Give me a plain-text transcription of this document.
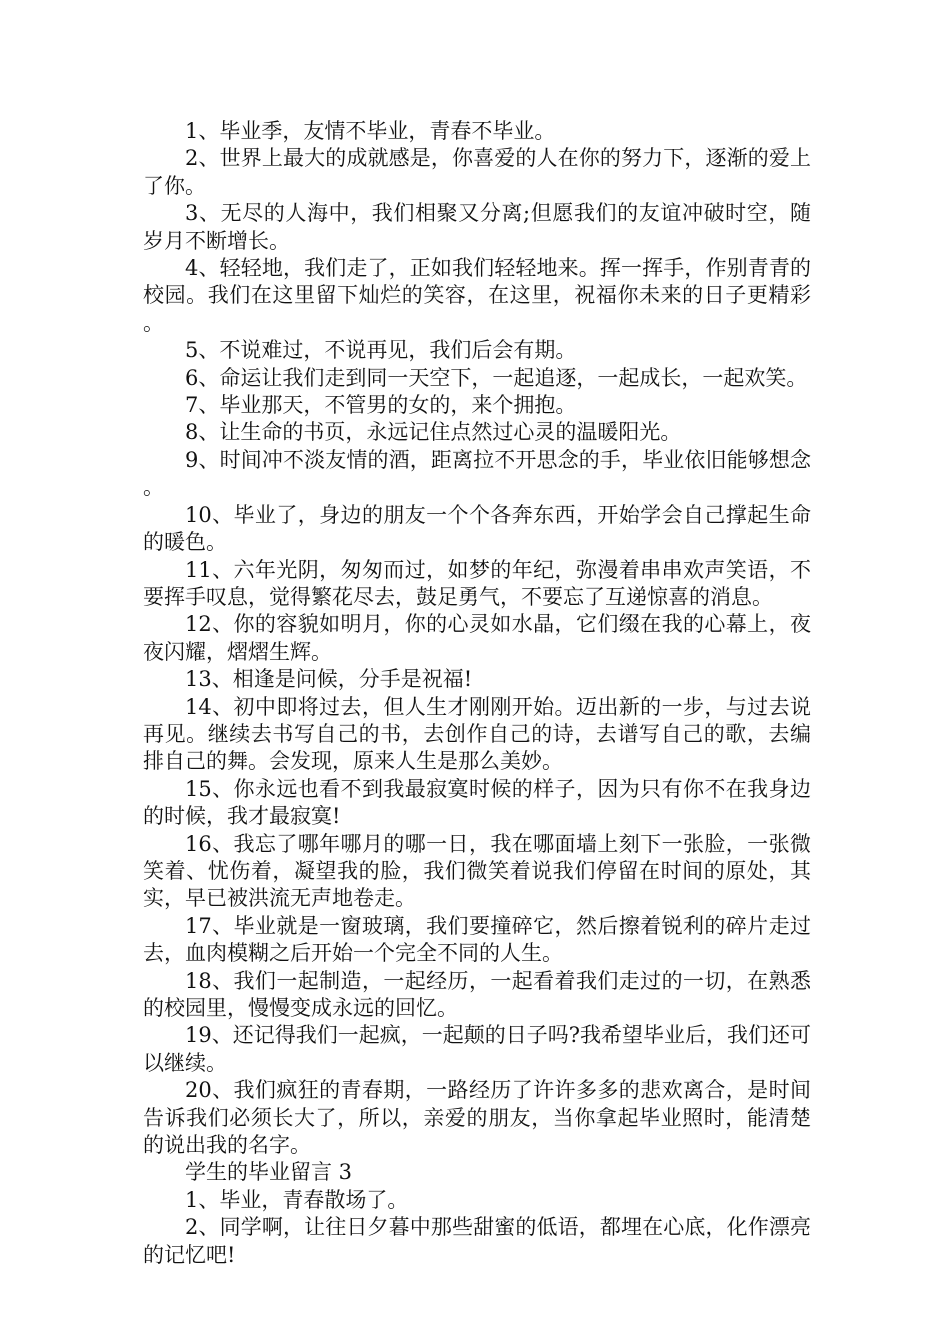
1、毕业季，友情不毕业，青春不毕业。

2、世界上最大的成就感是，你喜爱的人在你的努力下，逐渐的爱上了你。

3、无尽的人海中，我们相聚又分离;但愿我们的友谊冲破时空，随岁月不断增长。

4、轻轻地，我们走了，正如我们轻轻地来。挥一挥手，作别青青的校园。我们在这里留下灿烂的笑容，在这里，祝福你未来的日子更精彩。

5、不说难过，不说再见，我们后会有期。

6、命运让我们走到同一天空下，一起追逐，一起成长，一起欢笑。

7、毕业那天，不管男的女的，来个拥抱。

8、让生命的书页，永远记住点然过心灵的温暖阳光。

9、时间冲不淡友情的酒，距离拉不开思念的手，毕业依旧能够想念。

10、毕业了，身边的朋友一个个各奔东西，开始学会自己撑起生命的暖色。

11、六年光阴，匆匆而过，如梦的年纪，弥漫着串串欢声笑语，不要挥手叹息，觉得繁花尽去，鼓足勇气，不要忘了互递惊喜的消息。

12、你的容貌如明月，你的心灵如水晶，它们缀在我的心幕上，夜夜闪耀，熠熠生辉。

13、相逢是问候，分手是祝福!

14、初中即将过去，但人生才刚刚开始。迈出新的一步，与过去说再见。继续去书写自己的书，去创作自己的诗，去谱写自己的歌，去编排自己的舞。会发现，原来人生是那么美妙。

15、你永远也看不到我最寂寞时候的样子，因为只有你不在我身边的时候，我才最寂寞!

16、我忘了哪年哪月的哪一日，我在哪面墙上刻下一张脸，一张微笑着、忧伤着，凝望我的脸，我们微笑着说我们停留在时间的原处，其实，早已被洪流无声地卷走。

17、毕业就是一窗玻璃，我们要撞碎它，然后擦着锐利的碎片走过去，血肉模糊之后开始一个完全不同的人生。

18、我们一起制造，一起经历，一起看着我们走过的一切，在熟悉的校园里，慢慢变成永远的回忆。

19、还记得我们一起疯，一起颠的日子吗?我希望毕业后，我们还可以继续。

20、我们疯狂的青春期，一路经历了许许多多的悲欢离合，是时间告诉我们必须长大了，所以，亲爱的朋友，当你拿起毕业照时，能清楚的说出我的名字。

学生的毕业留言 3

1、毕业，青春散场了。

2、同学啊，让往日夕暮中那些甜蜜的低语，都埋在心底，化作漂亮的记忆吧!
